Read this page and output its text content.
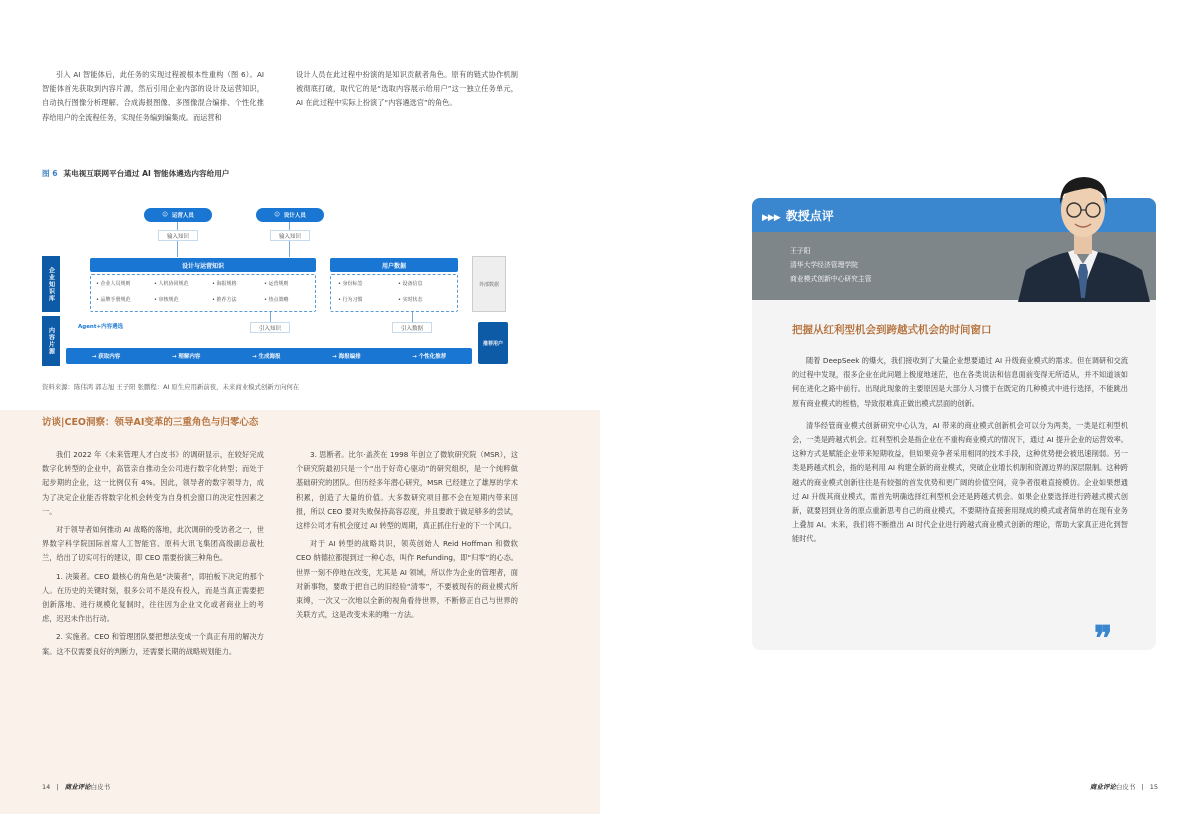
引入 AI 智能体后，此任务的实现过程被根本性重构（图 6）。AI 智能体首先获取到内容片源，然后引用企业内部的设计及运营知识，自动执行图像分析理解、合成海报图像、多图像混合编排、个性化推荐给用户的全流程任务，实现任务编到编集成。而运营和

设计人员在此过程中扮演的是知识贡献者角色。原有的链式协作机制被彻底打破，取代它的是“选取内容展示给用户”这一独立任务单元，AI 在此过程中实际上扮演了“内容遴选官”的角色。

图 6 某电视互联网平台通过 AI 智能体遴选内容给用户
☺ 运营人员	☺ 设计人员
输入知识	输入知识
企业知识库
内容片源
设计与运营知识	用户数据
• 企业人员规则	• 人机协同规范	• 海报规格	• 运营规则
• 品牌手册规范	• 审核规范	• 推荐方法	• 热点策略
• 身份标签	• 设备信息
• 行为习惯	• 实时状态
外部数据
引入知识	引入数据
Agent+内容遴选
→ 获取内容	→ 理解内容	→ 生成海报	→ 海报编排	→ 个性化推荐
推荐用户
资料来源：陈伟鸿 郭志旭 王子阳 张鹏程：AI 原生应用新前夜，未来商业模式创新方向何在
访谈|CEO洞察：领导AI变革的三重角色与归零心态

我们 2022 年《未来管理人才白皮书》的调研显示，在较好完成数字化转型的企业中，高管亲自推动全公司进行数字化转型；而处于起步期的企业，这一比例仅有 4%。因此，领导者的数字领导力，成为了决定企业能否将数字化机会转变为自身机会窗口的决定性因素之一。

对于领导者如何推动 AI 战略的落地，此次调研的受访者之一，世界数字科学院国际首席人工智能官、原科大讯飞集团高级副总裁杜兰，给出了切实可行的建议，即 CEO 需要扮演三种角色。

1. 决策者。CEO 最核心的角色是“决策者”，即拍板下决定的那个人。在历史的关键时刻，很多公司不是没有投入，而是当真正需要把创新落地、进行规模化复制时，往往因为企业文化或者商业上的考虑，迟迟未作出行动。

2. 实施者。CEO 和管理团队要把想法变成一个真正有用的解决方案。这不仅需要良好的判断力，还需要长期的战略规划能力。

3. 思断者。比尔·盖茨在 1998 年创立了微软研究院（MSR），这个研究院最初只是一个“出于好奇心驱动”的研究组织，是一个纯粹做基础研究的团队。但历经多年潜心研究，MSR 已经建立了雄厚的学术积累，创造了大量的价值。大多数研究项目都不会在短期内带来回报，所以 CEO 要对失败保持高容忍度，并且要敢于做足够多的尝试，这样公司才有机会度过 AI 转型的周期，真正抓住行业的下一个风口。

对于 AI 转型的战略共识，领英创始人 Reid Hoffman 和微软 CEO 纳德拉都提到过一种心态，叫作 Refunding，即“归零”的心态。世界一刻不停地在改变，尤其是 AI 领域，所以作为企业的管理者，面对新事物，要敢于把自己的旧经验“清零”，不要被现有的商业模式所束缚，一次又一次地以全新的视角看待世界，不断修正自己与世界的关联方式，这是改变未来的唯一方法。

14 | 商业评论白皮书
▶▶▶ 教授点评
王子阳
清华大学经济管理学院
商业模式创新中心研究主管
把握从红利型机会到跨越式机会的时间窗口

随着 DeepSeek 的爆火，我们接收到了大量企业想要通过 AI 升级商业模式的需求。但在调研和交流的过程中发现，很多企业在此问题上极度地迷茫，也在各类说法和信息面前变得无所适从，并不知道该如何在进化之路中前行。出现此现象的主要原因是大部分人习惯于在既定的几种模式中进行选择，不能跳出原有商业模式的桎梏，导致很难真正做出模式层面的创新。

清华经管商业模式创新研究中心认为，AI 带来的商业模式创新机会可以分为两类，一类是红利型机会，一类是跨越式机会。红利型机会是指企业在不重构商业模式的情况下，通过 AI 提升企业的运营效率。这种方式是赋能企业带来短期收益，但如果竞争者采用相同的技术手段，这种优势便会被迅速削弱。另一类是跨越式机会，指的是利用 AI 构建全新的商业模式，突破企业增长机制和资源边界的深层限制。这种跨越式的商业模式创新往往是有较强的首发优势和更广阔的价值空间，竞争者很难直接模仿。企业如果想通过 AI 升级其商业模式，需首先明确选择红利型机会还是跨越式机会。如果企业要选择进行跨越式模式创新，就要回到业务的原点重新思考自己的商业模式，不要期待直接套用现成的模式或者简单的在现有业务上叠加 AI。未来，我们将不断推出 AI 时代企业进行跨越式商业模式创新的理论，帮助大家真正进化到智能时代。

❞
商业评论白皮书 | 15
